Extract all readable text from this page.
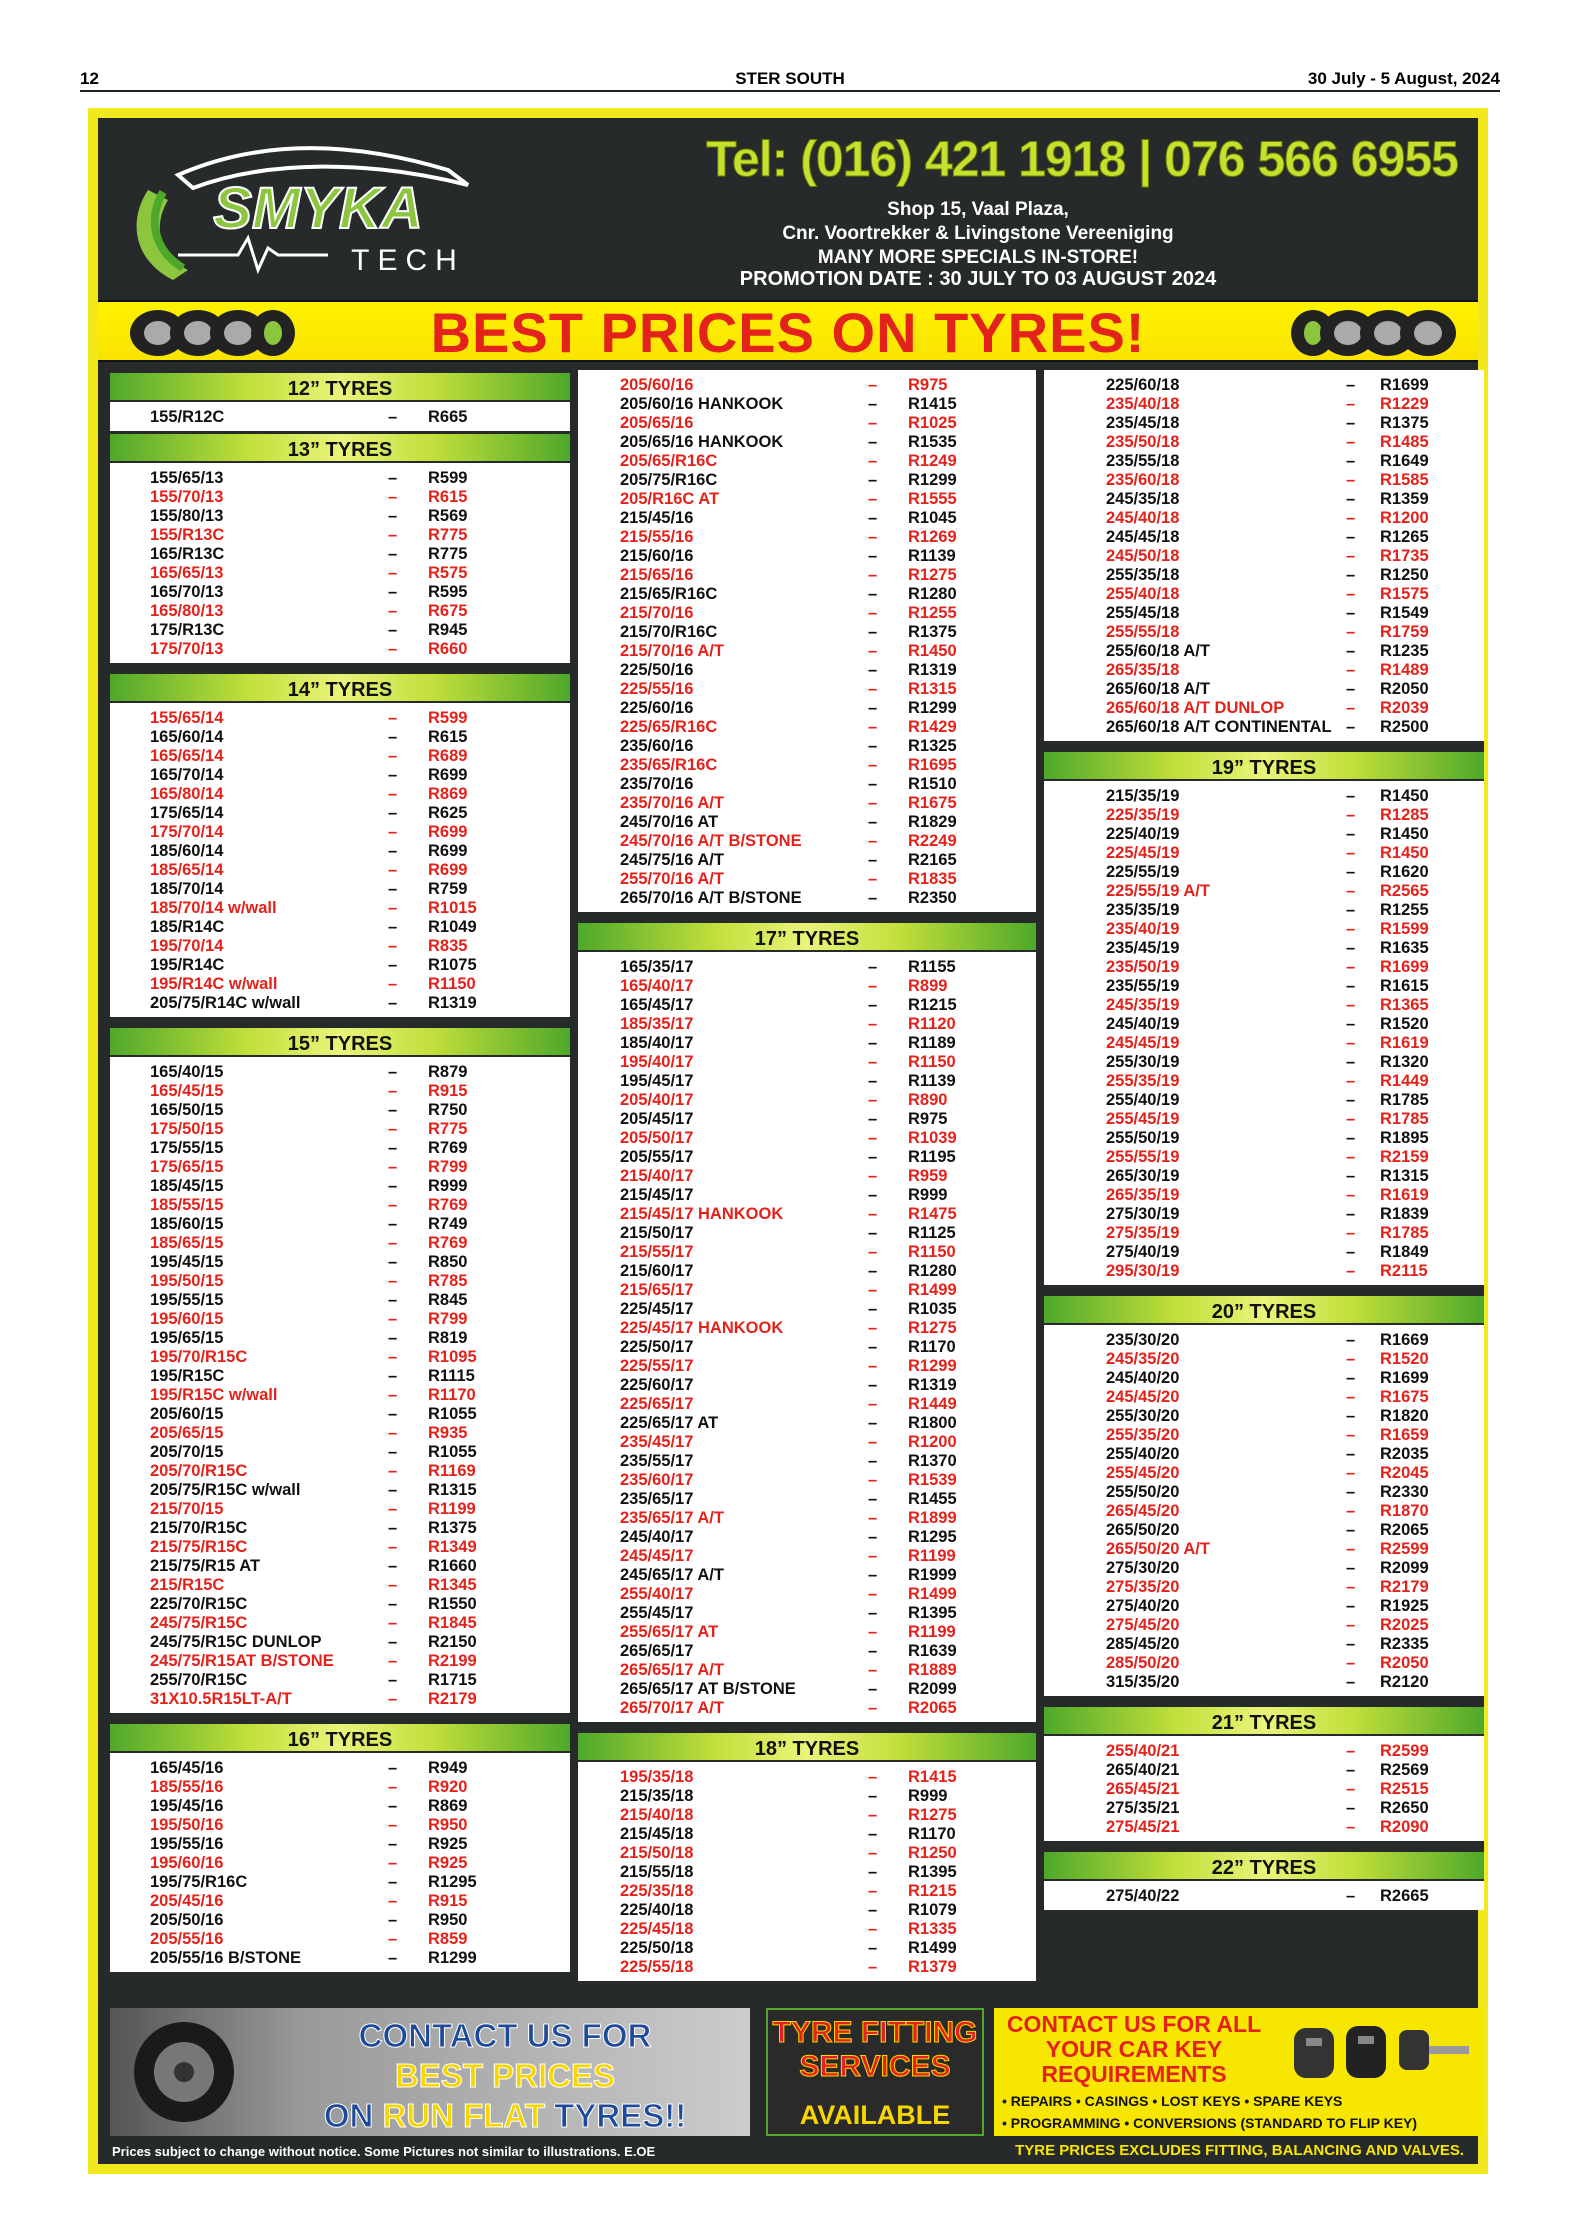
12	STER SOUTH	30 July - 5 August, 2024
SMYKA
TECH
Tel: (016) 421 1918 | 076 566 6955
Shop 15, Vaal Plaza,
Cnr. Voortrekker & Livingstone Vereeniging
MANY MORE SPECIALS IN-STORE!
PROMOTION DATE : 30 JULY TO 03 AUGUST 2024
BEST PRICES ON TYRES!
12” TYRES
155/R12C	– R665
13” TYRES
155/65/13	– R599
155/70/13	– R615
155/80/13	– R569
155/R13C	– R775
165/R13C	– R775
165/65/13	– R575
165/70/13	– R595
165/80/13	– R675
175/R13C	– R945
175/70/13	– R660
14” TYRES
155/65/14	– R599
165/60/14	– R615
165/65/14	– R689
165/70/14	– R699
165/80/14	– R869
175/65/14	– R625
175/70/14	– R699
185/60/14	– R699
185/65/14	– R699
185/70/14	– R759
185/70/14 w/wall	– R1015
185/R14C	– R1049
195/70/14	– R835
195/R14C	– R1075
195/R14C w/wall	– R1150
205/75/R14C w/wall	– R1319
15” TYRES
165/40/15	– R879
165/45/15	– R915
165/50/15	– R750
175/50/15	– R775
175/55/15	– R769
175/65/15	– R799
185/45/15	– R999
185/55/15	– R769
185/60/15	– R749
185/65/15	– R769
195/45/15	– R850
195/50/15	– R785
195/55/15	– R845
195/60/15	– R799
195/65/15	– R819
195/70/R15C	– R1095
195/R15C	– R1115
195/R15C w/wall	– R1170
205/60/15	– R1055
205/65/15	– R935
205/70/15	– R1055
205/70/R15C	– R1169
205/75/R15C w/wall	– R1315
215/70/15	– R1199
215/70/R15C	– R1375
215/75/R15C	– R1349
215/75/R15 AT	– R1660
215/R15C	– R1345
225/70/R15C	– R1550
245/75/R15C	– R1845
245/75/R15C DUNLOP	– R2150
245/75/R15AT B/STONE	– R2199
255/70/R15C	– R1715
31X10.5R15LT-A/T	– R2179
16” TYRES
165/45/16	– R949
185/55/16	– R920
195/45/16	– R869
195/50/16	– R950
195/55/16	– R925
195/60/16	– R925
195/75/R16C	– R1295
205/45/16	– R915
205/50/16	– R950
205/55/16	– R859
205/55/16 B/STONE	– R1299
205/60/16	– R975
205/60/16 HANKOOK	– R1415
205/65/16	– R1025
205/65/16 HANKOOK	– R1535
205/65/R16C	– R1249
205/75/R16C	– R1299
205/R16C AT	– R1555
215/45/16	– R1045
215/55/16	– R1269
215/60/16	– R1139
215/65/16	– R1275
215/65/R16C	– R1280
215/70/16	– R1255
215/70/R16C	– R1375
215/70/16 A/T	– R1450
225/50/16	– R1319
225/55/16	– R1315
225/60/16	– R1299
225/65/R16C	– R1429
235/60/16	– R1325
235/65/R16C	– R1695
235/70/16	– R1510
235/70/16 A/T	– R1675
245/70/16 AT	– R1829
245/70/16 A/T B/STONE	– R2249
245/75/16 A/T	– R2165
255/70/16 A/T	– R1835
265/70/16 A/T B/STONE	– R2350
17” TYRES
165/35/17	– R1155
165/40/17	– R899
165/45/17	– R1215
185/35/17	– R1120
185/40/17	– R1189
195/40/17	– R1150
195/45/17	– R1139
205/40/17	– R890
205/45/17	– R975
205/50/17	– R1039
205/55/17	– R1195
215/40/17	– R959
215/45/17	– R999
215/45/17 HANKOOK	– R1475
215/50/17	– R1125
215/55/17	– R1150
215/60/17	– R1280
215/65/17	– R1499
225/45/17	– R1035
225/45/17 HANKOOK	– R1275
225/50/17	– R1170
225/55/17	– R1299
225/60/17	– R1319
225/65/17	– R1449
225/65/17 AT	– R1800
235/45/17	– R1200
235/55/17	– R1370
235/60/17	– R1539
235/65/17	– R1455
235/65/17 A/T	– R1899
245/40/17	– R1295
245/45/17	– R1199
245/65/17 A/T	– R1999
255/40/17	– R1499
255/45/17	– R1395
255/65/17 AT	– R1199
265/65/17	– R1639
265/65/17 A/T	– R1889
265/65/17 AT B/STONE	– R2099
265/70/17 A/T	– R2065
18” TYRES
195/35/18	– R1415
215/35/18	– R999
215/40/18	– R1275
215/45/18	– R1170
215/50/18	– R1250
215/55/18	– R1395
225/35/18	– R1215
225/40/18	– R1079
225/45/18	– R1335
225/50/18	– R1499
225/55/18	– R1379
225/60/18	– R1699
235/40/18	– R1229
235/45/18	– R1375
235/50/18	– R1485
235/55/18	– R1649
235/60/18	– R1585
245/35/18	– R1359
245/40/18	– R1200
245/45/18	– R1265
245/50/18	– R1735
255/35/18	– R1250
255/40/18	– R1575
255/45/18	– R1549
255/55/18	– R1759
255/60/18 A/T	– R1235
265/35/18	– R1489
265/60/18 A/T	– R2050
265/60/18 A/T DUNLOP	– R2039
265/60/18 A/T CONTINENTAL – R2500
19” TYRES
215/35/19	– R1450
225/35/19	– R1285
225/40/19	– R1450
225/45/19	– R1450
225/55/19	– R1620
225/55/19 A/T	– R2565
235/35/19	– R1255
235/40/19	– R1599
235/45/19	– R1635
235/50/19	– R1699
235/55/19	– R1615
245/35/19	– R1365
245/40/19	– R1520
245/45/19	– R1619
255/30/19	– R1320
255/35/19	– R1449
255/40/19	– R1785
255/45/19	– R1785
255/50/19	– R1895
255/55/19	– R2159
265/30/19	– R1315
265/35/19	– R1619
275/30/19	– R1839
275/35/19	– R1785
275/40/19	– R1849
295/30/19	– R2115
20” TYRES
235/30/20	– R1669
245/35/20	– R1520
245/40/20	– R1699
245/45/20	– R1675
255/30/20	– R1820
255/35/20	– R1659
255/40/20	– R2035
255/45/20	– R2045
255/50/20	– R2330
265/45/20	– R1870
265/50/20	– R2065
265/50/20 A/T	– R2599
275/30/20	– R2099
275/35/20	– R2179
275/40/20	– R1925
275/45/20	– R2025
285/45/20	– R2335
285/50/20	– R2050
315/35/20	– R2120
21” TYRES
255/40/21	– R2599
265/40/21	– R2569
265/45/21	– R2515
275/35/21	– R2650
275/45/21	– R2090
22” TYRES
275/40/22	– R2665
CONTACT US FOR
BEST PRICES
ON RUN FLAT TYRES!!
TYRE FITTING
SERVICES
AVAILABLE
CONTACT US FOR ALL YOUR CAR KEY REQUIREMENTS
• REPAIRS • CASINGS • LOST KEYS • SPARE KEYS
• PROGRAMMING • CONVERSIONS (STANDARD TO FLIP KEY)
Prices subject to change without notice. Some Pictures not similar to illustrations. E.OE	TYRE PRICES EXCLUDES FITTING, BALANCING AND VALVES.
